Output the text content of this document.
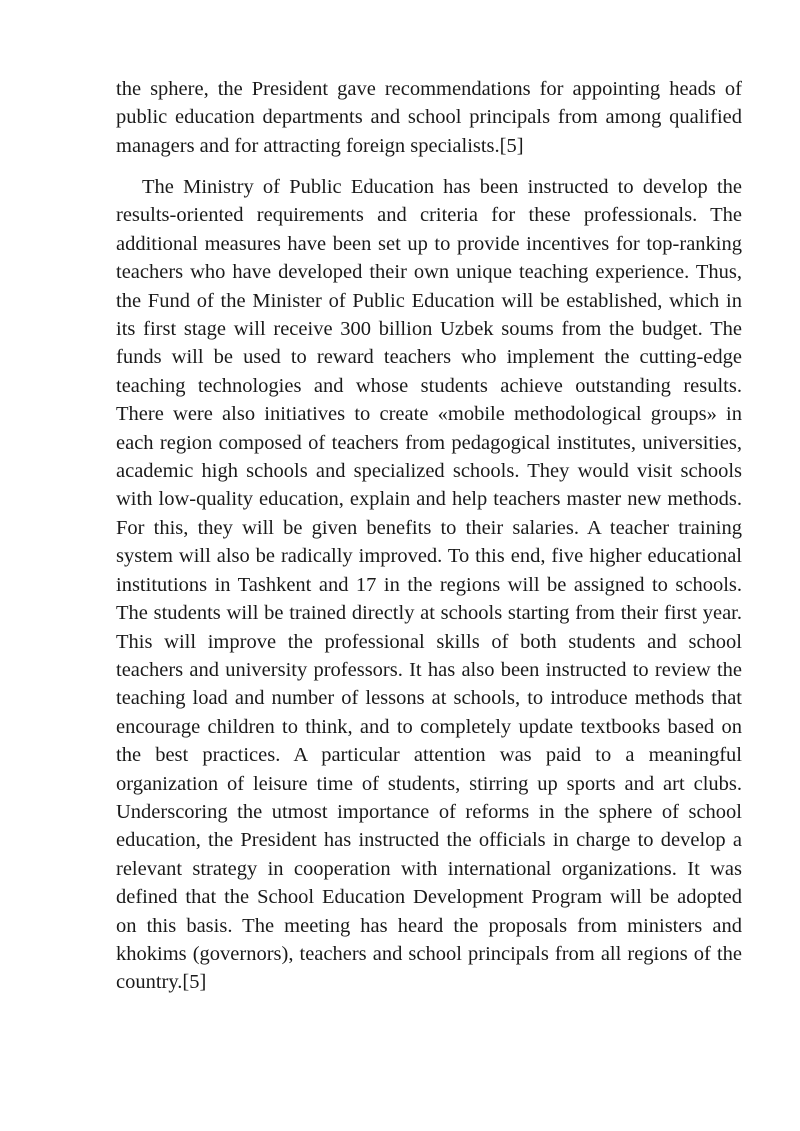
the sphere, the President gave recommendations for appointing heads of public education departments and school principals from among qualified managers and for attracting foreign specialists.[5]

The Ministry of Public Education has been instructed to develop the results-oriented requirements and criteria for these professionals. The additional measures have been set up to provide incentives for top-ranking teachers who have developed their own unique teaching experience. Thus, the Fund of the Minister of Public Education will be established, which in its first stage will receive 300 billion Uzbek soums from the budget. The funds will be used to reward teachers who implement the cutting-edge teaching technologies and whose students achieve outstanding results. There were also initiatives to create «mobile methodological groups» in each region composed of teachers from pedagogical institutes, universities, academic high schools and specialized schools. They would visit schools with low-quality education, explain and help teachers master new methods. For this, they will be given benefits to their salaries. A teacher training system will also be radically improved. To this end, five higher educational institutions in Tashkent and 17 in the regions will be assigned to schools. The students will be trained directly at schools starting from their first year. This will improve the professional skills of both students and school teachers and university professors. It has also been instructed to review the teaching load and number of lessons at schools, to introduce methods that encourage children to think, and to completely update textbooks based on the best practices. A particular attention was paid to a meaningful organization of leisure time of students, stirring up sports and art clubs. Underscoring the utmost importance of reforms in the sphere of school education, the President has instructed the officials in charge to develop a relevant strategy in cooperation with international organizations. It was defined that the School Education Development Program will be adopted on this basis. The meeting has heard the proposals from ministers and khokims (governors), teachers and school principals from all regions of the country.[5]
